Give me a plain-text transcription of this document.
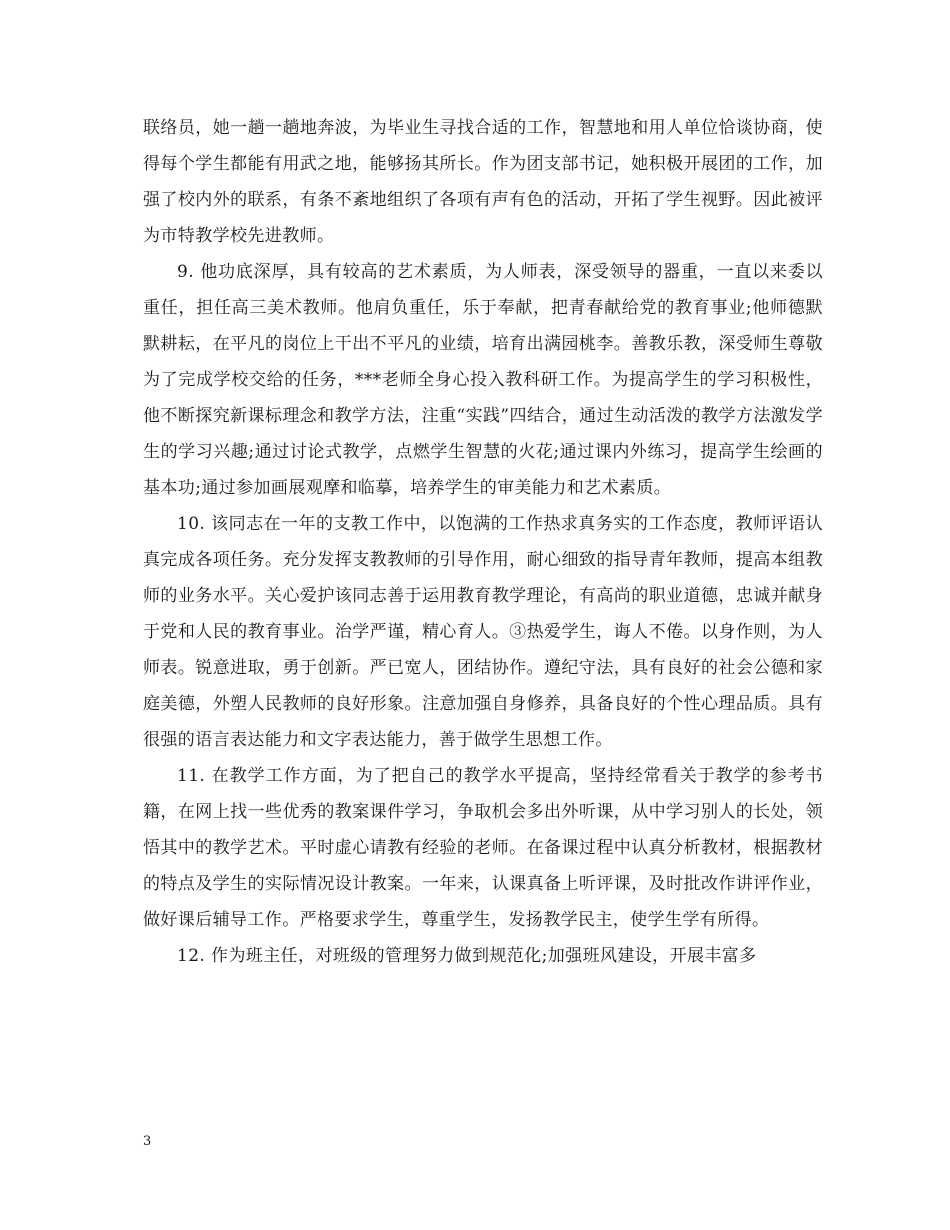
联络员，她一趟一趟地奔波，为毕业生寻找合适的工作，智慧地和用人单位恰谈协商，使得每个学生都能有用武之地，能够扬其所长。作为团支部书记，她积极开展团的工作，加强了校内外的联系，有条不紊地组织了各项有声有色的活动，开拓了学生视野。因此被评为市特教学校先进教师。

9. 他功底深厚，具有较高的艺术素质，为人师表，深受领导的器重，一直以来委以重任，担任高三美术教师。他肩负重任，乐于奉献，把青春献给党的教育事业;他师德默默耕耘，在平凡的岗位上干出不平凡的业绩，培育出满园桃李。善教乐教，深受师生尊敬为了完成学校交给的任务，***老师全身心投入教科研工作。为提高学生的学习积极性，他不断探究新课标理念和教学方法，注重“实践”四结合，通过生动活泼的教学方法激发学生的学习兴趣;通过讨论式教学，点燃学生智慧的火花;通过课内外练习，提高学生绘画的基本功;通过参加画展观摩和临摹，培养学生的审美能力和艺术素质。

10. 该同志在一年的支教工作中，以饱满的工作热求真务实的工作态度，教师评语认真完成各项任务。充分发挥支教教师的引导作用，耐心细致的指导青年教师，提高本组教师的业务水平。关心爱护该同志善于运用教育教学理论，有高尚的职业道德，忠诚并献身于党和人民的教育事业。治学严谨，精心育人。③热爱学生，诲人不倦。以身作则，为人师表。锐意进取，勇于创新。严已宽人，团结协作。遵纪守法，具有良好的社会公德和家庭美德，外塑人民教师的良好形象。注意加强自身修养，具备良好的个性心理品质。具有很强的语言表达能力和文字表达能力，善于做学生思想工作。

11. 在教学工作方面，为了把自己的教学水平提高，坚持经常看关于教学的参考书籍，在网上找一些优秀的教案课件学习，争取机会多出外听课，从中学习别人的长处，领悟其中的教学艺术。平时虚心请教有经验的老师。在备课过程中认真分析教材，根据教材的特点及学生的实际情况设计教案。一年来，认课真备上听评课，及时批改作讲评作业，做好课后辅导工作。严格要求学生，尊重学生，发扬教学民主，使学生学有所得。

12. 作为班主任，对班级的管理努力做到规范化;加强班风建设，开展丰富多

3
